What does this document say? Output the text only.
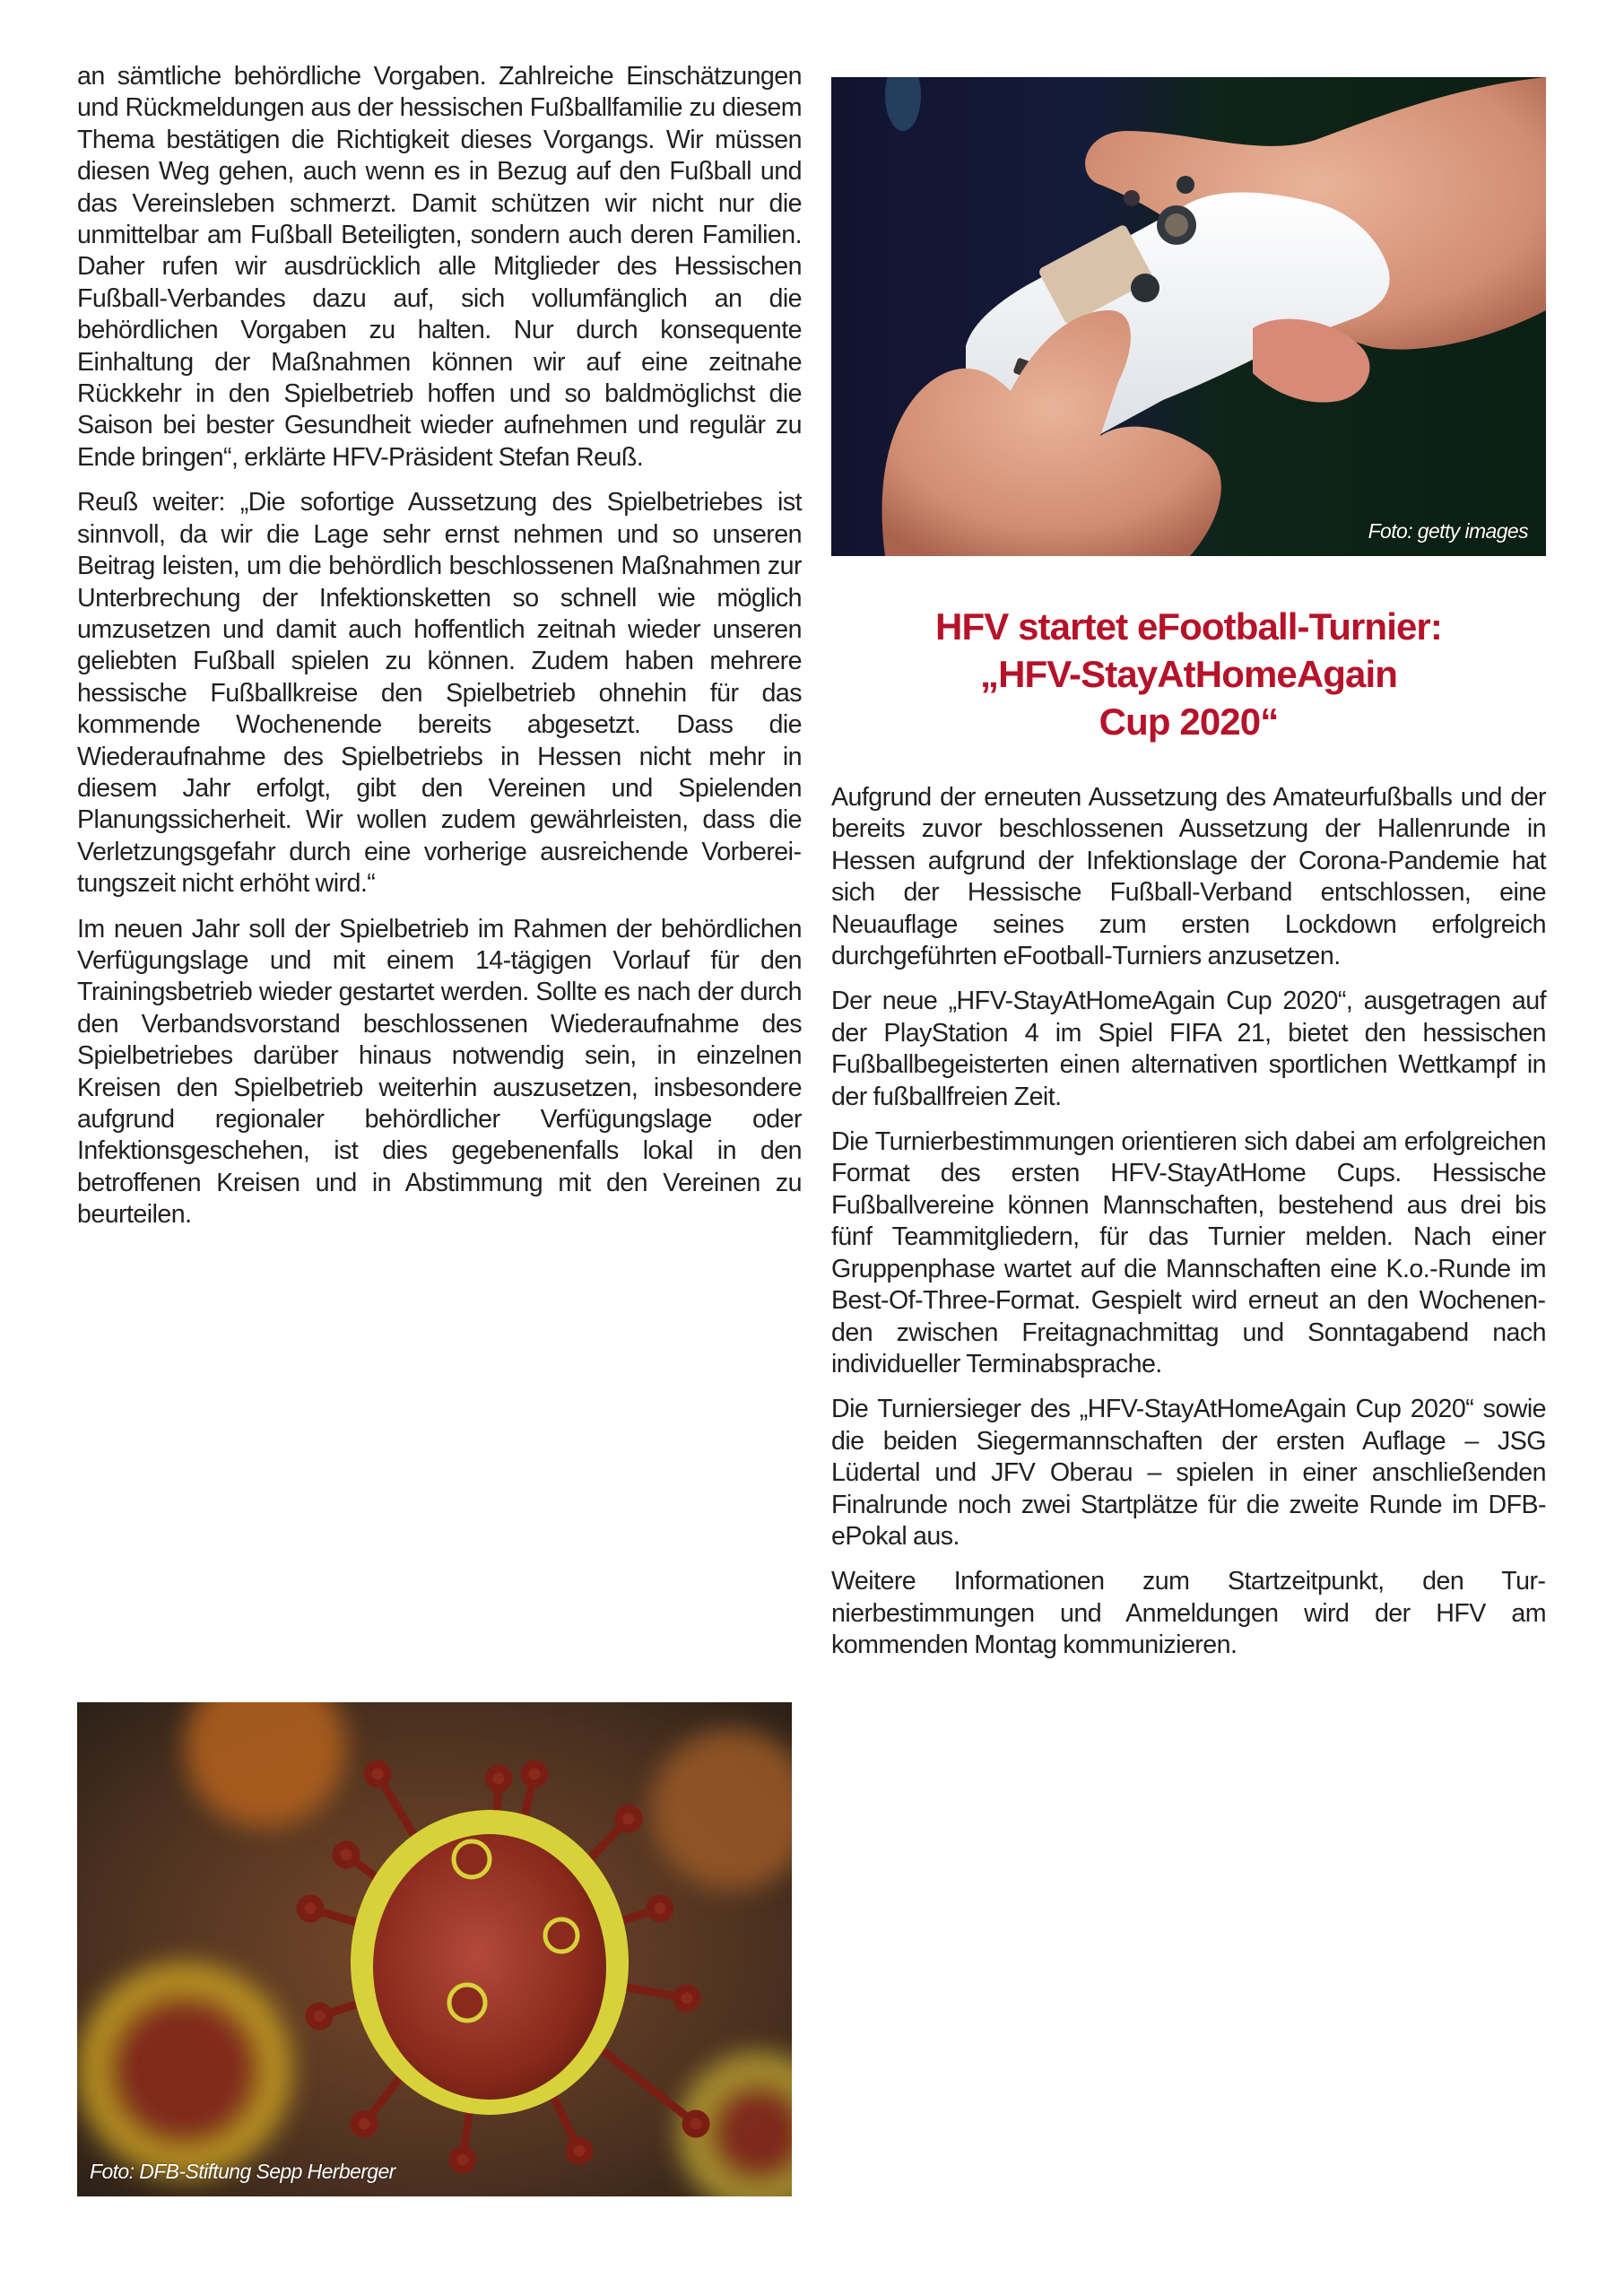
an sämtliche behördliche Vorgaben. Zahlreiche Einschätzungen und Rückmeldungen aus der hessischen Fußballfamilie zu diesem Thema bestätigen die Richtigkeit dieses Vorgangs. Wir müssen diesen Weg gehen, auch wenn es in Bezug auf den Fußball und das Vereinsleben schmerzt. Damit schützen wir nicht nur die unmittelbar am Fußball Beteiligten, sondern auch deren Familien. Daher rufen wir ausdrücklich alle Mitglieder des Hessischen Fußball-Verbandes dazu auf, sich vollumfänglich an die behördlichen Vorgaben zu halten. Nur durch konsequente Einhaltung der Maßnahmen können wir auf eine zeitnahe Rückkehr in den Spielbetrieb hoffen und so baldmöglichst die Saison bei bester Gesundheit wieder aufnehmen und regulär zu Ende bringen“, erklärte HFV-Präsident Stefan Reuß.

Reuß weiter: „Die sofortige Aussetzung des Spielbetriebes ist sinnvoll, da wir die Lage sehr ernst nehmen und so unseren Beitrag leisten, um die behördlich beschlossenen Maßnahmen zur Unterbrechung der Infektionsketten so schnell wie möglich umzusetzen und damit auch hoffentlich zeitnah wieder unseren geliebten Fußball spielen zu können. Zudem haben mehrere hessische Fußballkreise den Spielbetrieb ohnehin für das kommende Wochenende bereits abgesetzt. Dass die Wiederaufnahme des Spielbetriebs in Hessen nicht mehr in diesem Jahr erfolgt, gibt den Vereinen und Spielenden Planungssicherheit. Wir wollen zudem gewährleisten, dass die Verletzungsgefahr durch eine vorherige ausreichende Vorbereitungszeit nicht erhöht wird.“

Im neuen Jahr soll der Spielbetrieb im Rahmen der behördlichen Verfügungslage und mit einem 14-tägigen Vorlauf für den Trainingsbetrieb wieder gestartet werden. Sollte es nach der durch den Verbandsvorstand beschlossenen Wiederaufnahme des Spielbetriebes darüber hinaus notwendig sein, in einzelnen Kreisen den Spielbetrieb weiterhin auszusetzen, insbesondere aufgrund regionaler behördlicher Verfügungslage oder Infektionsgeschehen, ist dies gegebenenfalls lokal in den betroffenen Kreisen und in Abstimmung mit den Vereinen zu beurteilen.

Foto: getty images
HFV startet eFootball-Turnier:
„HFV-StayAtHomeAgain
Cup 2020“

Aufgrund der erneuten Aussetzung des Amateurfußballs und der bereits zuvor beschlossenen Aussetzung der Hallenrunde in Hessen aufgrund der Infektionslage der Corona-Pandemie hat sich der Hessische Fußball-Verband entschlossen, eine Neuauflage seines zum ersten Lockdown erfolgreich durchgeführten eFootball-Turniers anzusetzen.

Der neue „HFV-StayAtHomeAgain Cup 2020“, ausgetragen auf der PlayStation 4 im Spiel FIFA 21, bietet den hessischen Fußballbegeisterten einen alternativen sportlichen Wettkampf in der fußballfreien Zeit.

Die Turnierbestimmungen orientieren sich dabei am erfolgreichen Format des ersten HFV-StayAtHome Cups. Hessische Fußballvereine können Mannschaften, bestehend aus drei bis fünf Teammitgliedern, für das Turnier melden. Nach einer Gruppenphase wartet auf die Mannschaften eine K.o.-Runde im Best-Of-Three-Format. Gespielt wird erneut an den Wochenenden zwischen Freitagnachmittag und Sonntagabend nach individueller Terminabsprache.

Die Turniersieger des „HFV-StayAtHomeAgain Cup 2020“ sowie die beiden Siegermannschaften der ersten Auflage – JSG Lüdertal und JFV Oberau – spielen in einer anschließenden Finalrunde noch zwei Startplätze für die zweite Runde im DFB-ePokal aus.

Weitere Informationen zum Startzeitpunkt, den Turnierbestimmungen und Anmeldungen wird der HFV am kommenden Montag kommunizieren.

Foto: DFB-Stiftung Sepp Herberger
